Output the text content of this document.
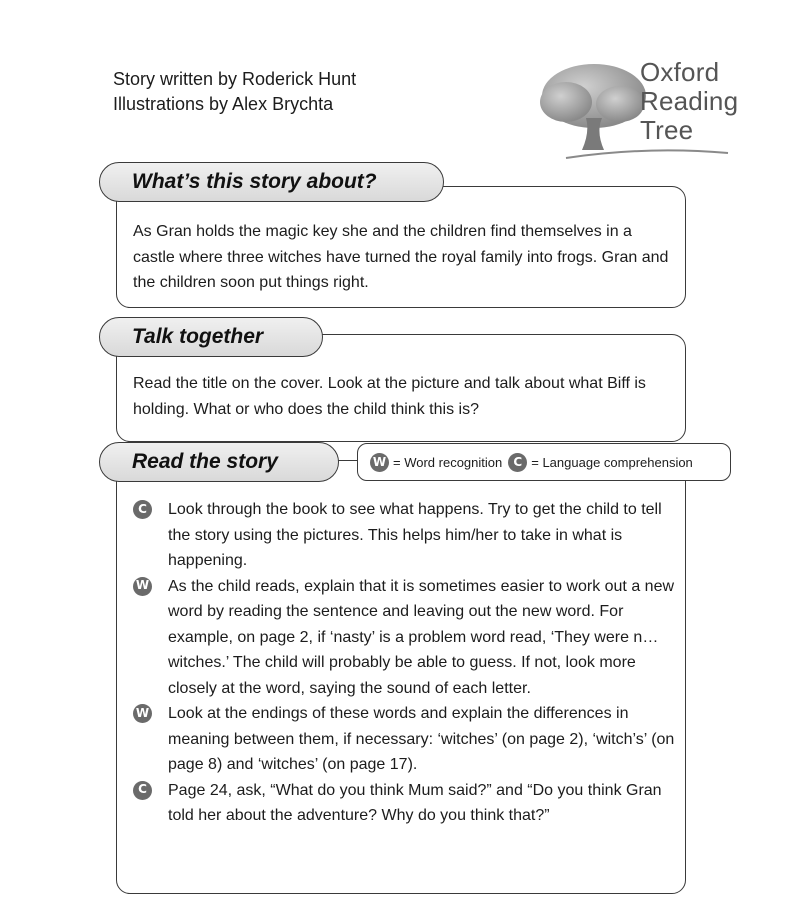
Story written by Roderick Hunt
Illustrations by Alex Brychta
Oxford
Reading
Tree
What’s this story about?
As Gran holds the magic key she and the children find themselves in a castle where three witches have turned the royal family into frogs. Gran and the children soon put things right.
Talk together
Read the title on the cover. Look at the picture and talk about what Biff is holding. What or who does the child think this is?
Read the story	W = Word recognition C = Language comprehension
C	Look through the book to see what happens. Try to get the child to tell the story using the pictures. This helps him/her to take in what is happening.
W As the child reads, explain that it is sometimes easier to work out a new word by reading the sentence and leaving out the new word. For example, on page 2, if ‘nasty’ is a problem word read, ‘They were n… witches.’ The child will probably be able to guess. If not, look more closely at the word, saying the sound of each letter.
W Look at the endings of these words and explain the differences in meaning between them, if necessary: ‘witches’ (on page 2), ‘witch’s’ (on page 8) and ‘witches’ (on page 17).
C	Page 24, ask, “What do you think Mum said?” and “Do you think Gran told her about the adventure? Why do you think that?”
